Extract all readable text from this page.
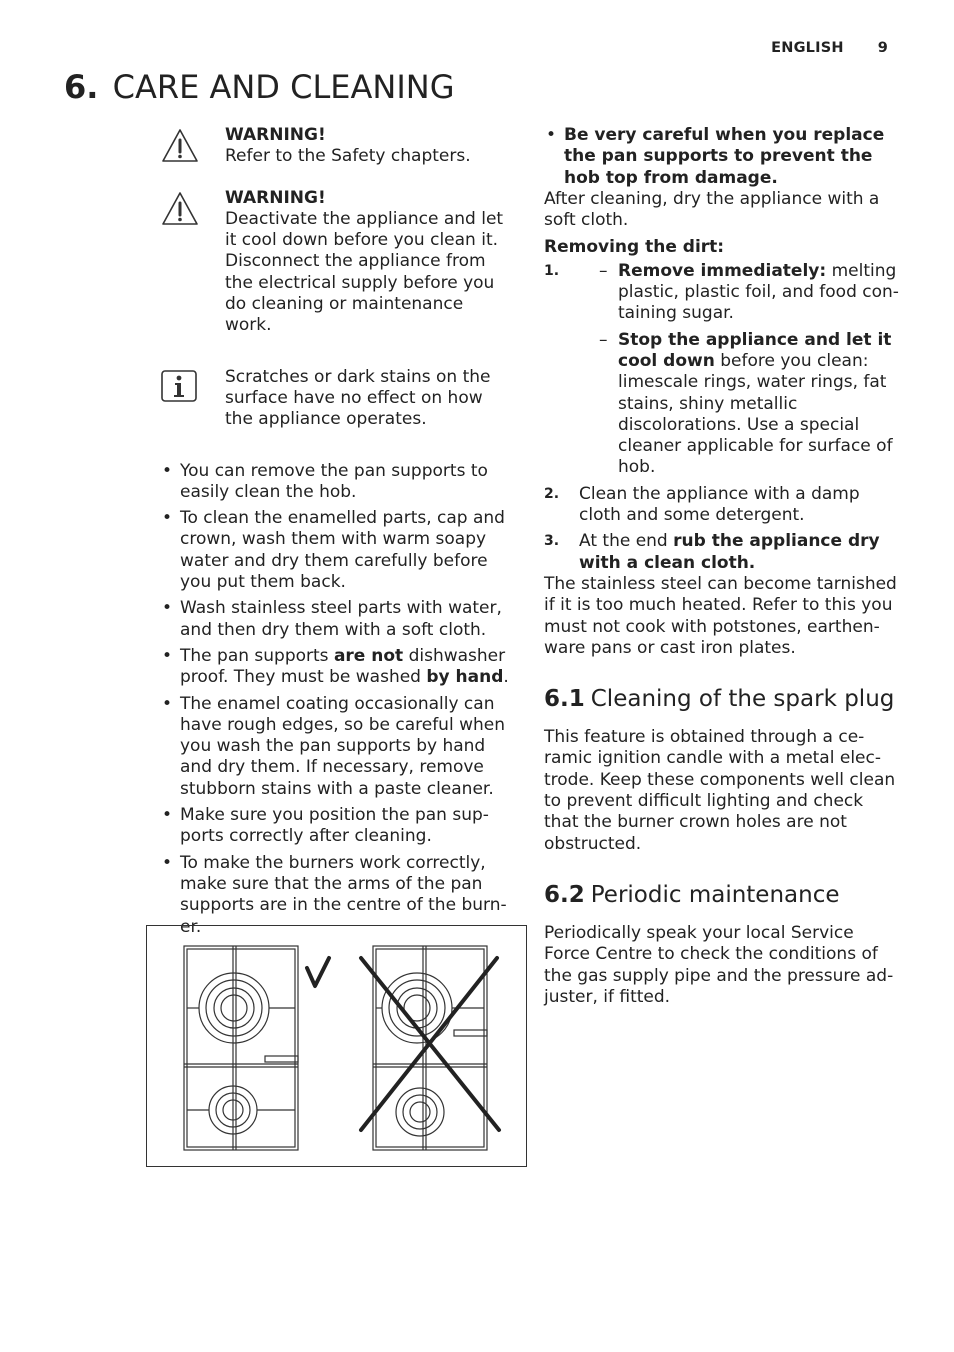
ENGLISH 9
6. CARE AND CLEANING
WARNING!
Refer to the Safety chapters.
WARNING!
Deactivate the appliance and let it cool down before you clean it. Disconnect the appliance from the electrical supply before you do cleaning or maintenance work.
Scratches or dark stains on the surface have no effect on how the appliance operates.
• You can remove the pan supports to easily clean the hob.
• To clean the enamelled parts, cap and crown, wash them with warm soapy water and dry them carefully before you put them back.
• Wash stainless steel parts with water, and then dry them with a soft cloth.
• The pan supports are not dishwasher proof. They must be washed by hand.
• The enamel coating occasionally can have rough edges, so be careful when you wash the pan supports by hand and dry them. If necessary, remove stubborn stains with a paste cleaner.
• Make sure you position the pan supports correctly after cleaning.
• To make the burners work correctly, make sure that the arms of the pan supports are in the centre of the burner.
• Be very careful when you replace the pan supports to prevent the hob top from damage.

After cleaning, dry the appliance with a soft cloth.

Removing the dirt:
1.
–	Remove immediately: melting plastic, plastic foil, and food containing sugar.
– Stop the appliance and let it cool down before you clean: limescale rings, water rings, fat stains, shiny metallic discolorations. Use a special cleaner applicable for surface of hob.
2. Clean the appliance with a damp cloth and some detergent.
3. At the end rub the appliance dry with a clean cloth.

The stainless steel can become tarnished if it is too much heated. Refer to this you must not cook with potstones, earthenware pans or cast iron plates.

6.1 Cleaning of the spark plug

This feature is obtained through a ceramic ignition candle with a metal electrode. Keep these components well clean to prevent difficult lighting and check that the burner crown holes are not obstructed.

6.2 Periodic maintenance

Periodically speak your local Service Force Centre to check the conditions of the gas supply pipe and the pressure adjuster, if fitted.
